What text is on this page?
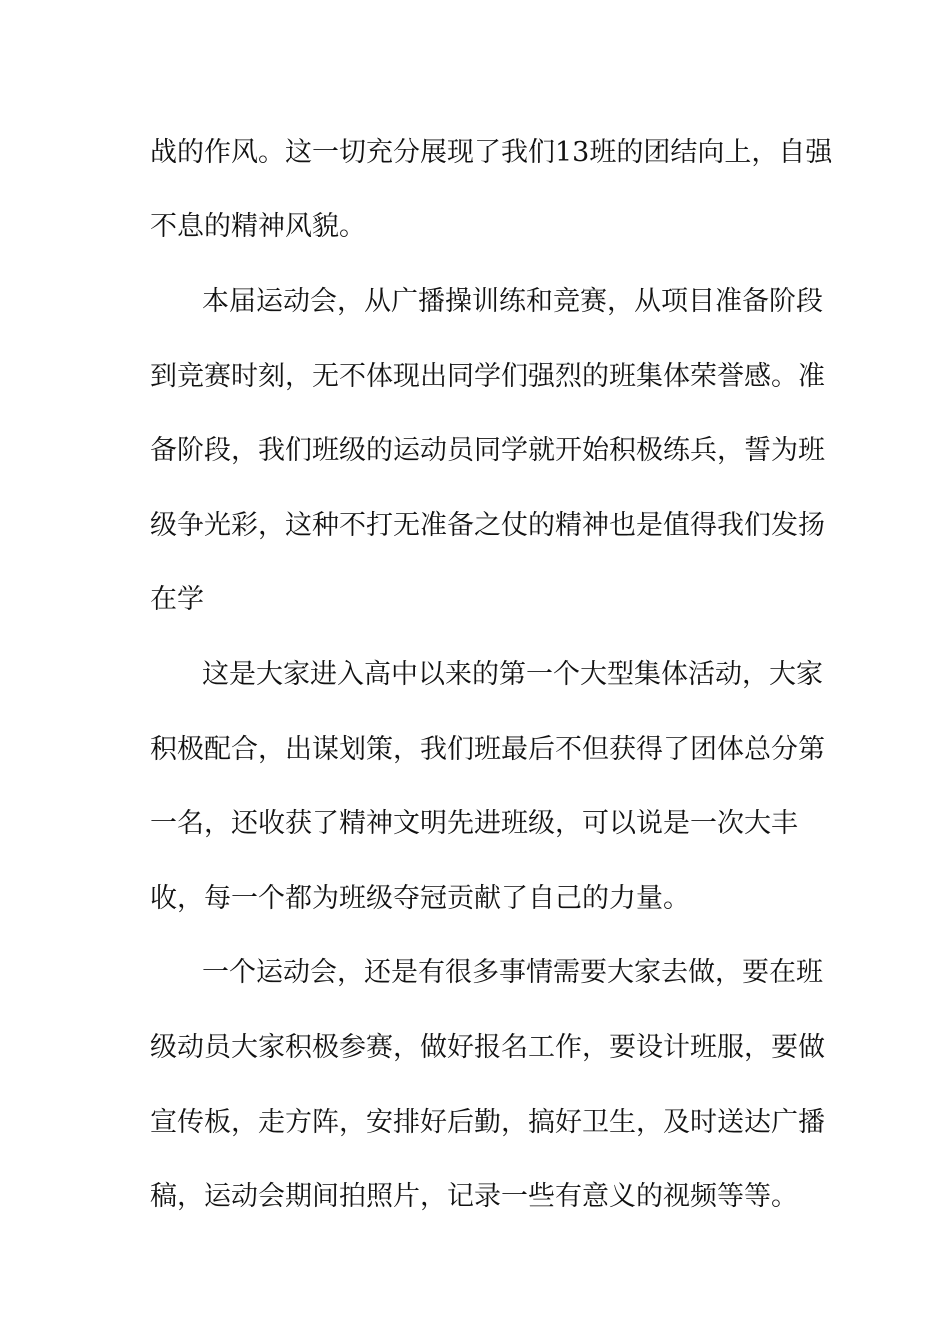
战的作风。这一切充分展现了我们13班的团结向上，自强
不息的精神风貌。
本届运动会，从广播操训练和竞赛，从项目准备阶段
到竞赛时刻，无不体现出同学们强烈的班集体荣誉感。准
备阶段，我们班级的运动员同学就开始积极练兵，誓为班
级争光彩，这种不打无准备之仗的精神也是值得我们发扬
在学
这是大家进入高中以来的第一个大型集体活动，大家
积极配合，出谋划策，我们班最后不但获得了团体总分第
一名，还收获了精神文明先进班级，可以说是一次大丰
收，每一个都为班级夺冠贡献了自己的力量。
一个运动会，还是有很多事情需要大家去做，要在班
级动员大家积极参赛，做好报名工作，要设计班服，要做
宣传板，走方阵，安排好后勤，搞好卫生，及时送达广播
稿，运动会期间拍照片，记录一些有意义的视频等等。
